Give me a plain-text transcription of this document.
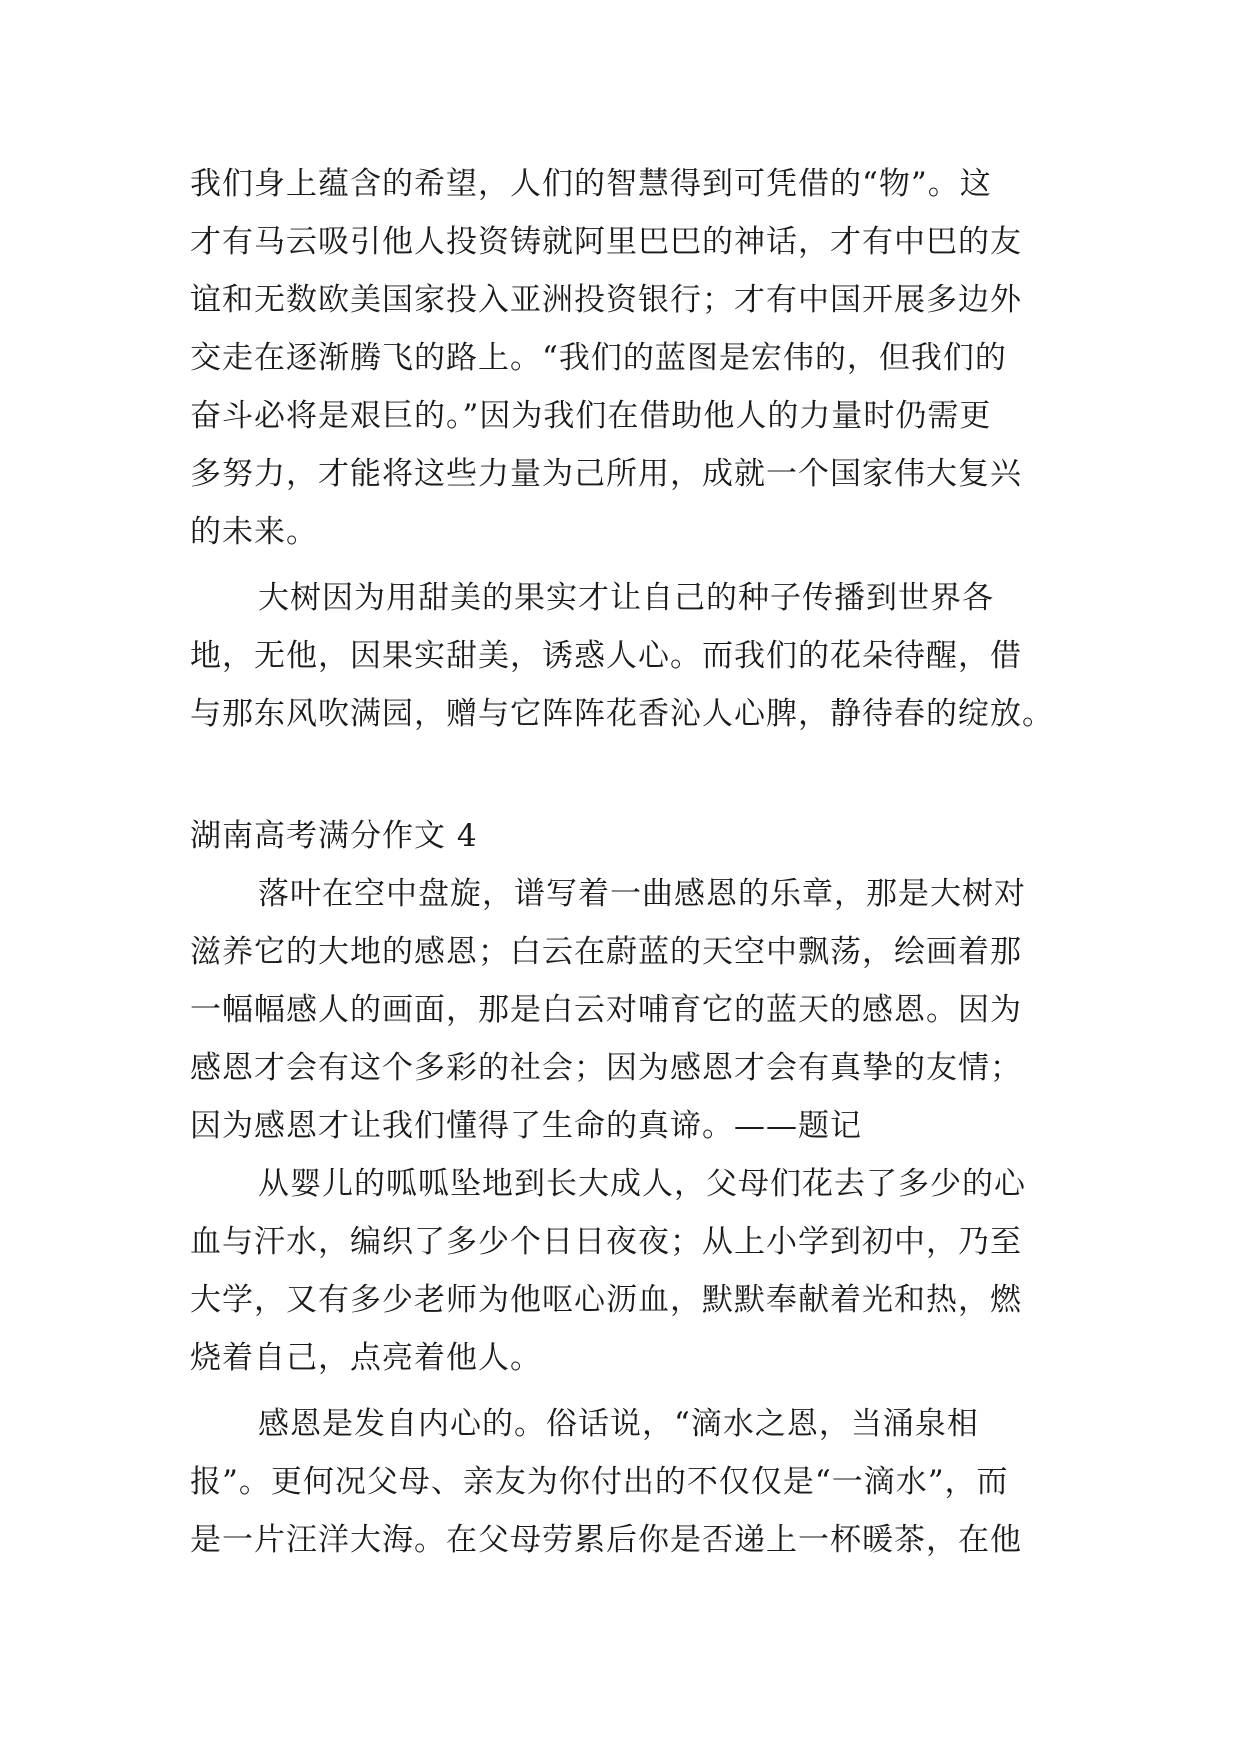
我们身上蕴含的希望，人们的智慧得到可凭借的“物”。这
才有马云吸引他人投资铸就阿里巴巴的神话，才有中巴的友
谊和无数欧美国家投入亚洲投资银行；才有中国开展多边外
交走在逐渐腾飞的路上。“我们的蓝图是宏伟的，但我们的
奋斗必将是艰巨的。”因为我们在借助他人的力量时仍需更
多努力，才能将这些力量为己所用，成就一个国家伟大复兴
的未来。
大树因为用甜美的果实才让自己的种子传播到世界各
地，无他，因果实甜美，诱惑人心。而我们的花朵待醒，借
与那东风吹满园，赠与它阵阵花香沁人心脾，静待春的绽放。
湖南高考满分作文 4
落叶在空中盘旋，谱写着一曲感恩的乐章，那是大树对
滋养它的大地的感恩；白云在蔚蓝的天空中飘荡，绘画着那
一幅幅感人的画面，那是白云对哺育它的蓝天的感恩。因为
感恩才会有这个多彩的社会；因为感恩才会有真挚的友情；
因为感恩才让我们懂得了生命的真谛。——题记
从婴儿的呱呱坠地到长大成人，父母们花去了多少的心
血与汗水，编织了多少个日日夜夜；从上小学到初中，乃至
大学，又有多少老师为他呕心沥血，默默奉献着光和热，燃
烧着自己，点亮着他人。
感恩是发自内心的。俗话说，“滴水之恩，当涌泉相
报”。更何况父母、亲友为你付出的不仅仅是“一滴水”，而
是一片汪洋大海。在父母劳累后你是否递上一杯暖茶，在他
